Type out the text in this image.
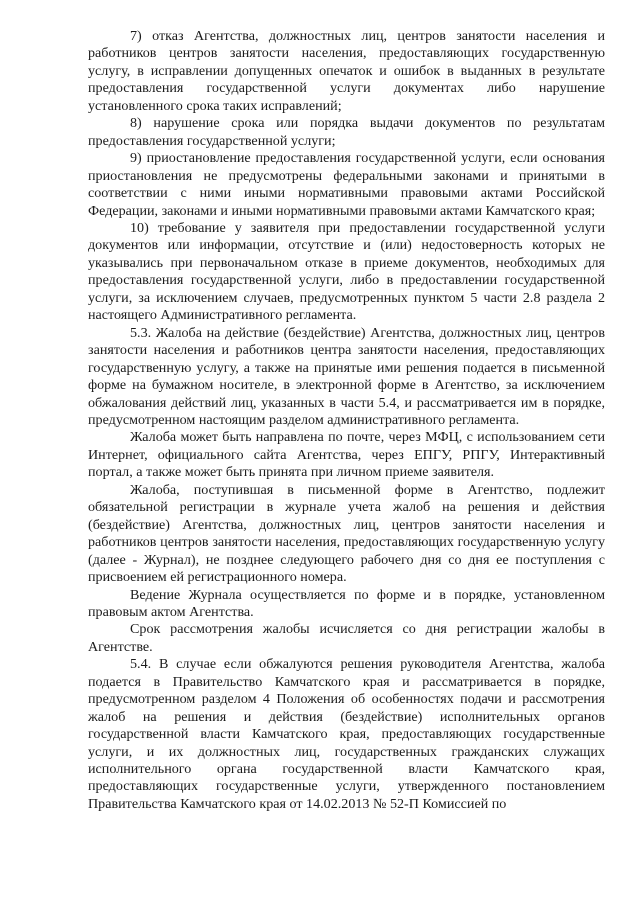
7) отказ Агентства, должностных лиц, центров занятости населения и работников центров занятости населения, предоставляющих государственную услугу, в исправлении допущенных опечаток и ошибок в выданных в результате предоставления государственной услуги документах либо нарушение установленного срока таких исправлений;

8) нарушение срока или порядка выдачи документов по результатам предоставления государственной услуги;

9) приостановление предоставления государственной услуги, если основания приостановления не предусмотрены федеральными законами и принятыми в соответствии с ними иными нормативными правовыми актами Российской Федерации, законами и иными нормативными правовыми актами Камчатского края;

10) требование у заявителя при предоставлении государственной услуги документов или информации, отсутствие и (или) недостоверность которых не указывались при первоначальном отказе в приеме документов, необходимых для предоставления государственной услуги, либо в предоставлении государственной услуги, за исключением случаев, предусмотренных пунктом 5 части 2.8 раздела 2 настоящего Административного регламента.

5.3. Жалоба на действие (бездействие) Агентства, должностных лиц, центров занятости населения и работников центра занятости населения, предоставляющих государственную услугу, а также на принятые ими решения подается в письменной форме на бумажном носителе, в электронной форме в Агентство, за исключением обжалования действий лиц, указанных в части 5.4, и рассматривается им в порядке, предусмотренном настоящим разделом административного регламента.

Жалоба может быть направлена по почте, через МФЦ, с использованием сети Интернет, официального сайта Агентства, через ЕПГУ, РПГУ, Интерактивный портал, а также может быть принята при личном приеме заявителя.

Жалоба, поступившая в письменной форме в Агентство, подлежит обязательной регистрации в журнале учета жалоб на решения и действия (бездействие) Агентства, должностных лиц, центров занятости населения и работников центров занятости населения, предоставляющих государственную услугу (далее - Журнал), не позднее следующего рабочего дня со дня ее поступления с присвоением ей регистрационного номера.

Ведение Журнала осуществляется по форме и в порядке, установленном правовым актом Агентства.

Срок рассмотрения жалобы исчисляется со дня регистрации жалобы в Агентстве.

5.4. В случае если обжалуются решения руководителя Агентства, жалоба подается в Правительство Камчатского края и рассматривается в порядке, предусмотренном разделом 4 Положения об особенностях подачи и рассмотрения жалоб на решения и действия (бездействие) исполнительных органов государственной власти Камчатского края, предоставляющих государственные услуги, и их должностных лиц, государственных гражданских служащих исполнительного органа государственной власти Камчатского края, предоставляющих государственные услуги, утвержденного постановлением Правительства Камчатского края от 14.02.2013 № 52-П Комиссией по
